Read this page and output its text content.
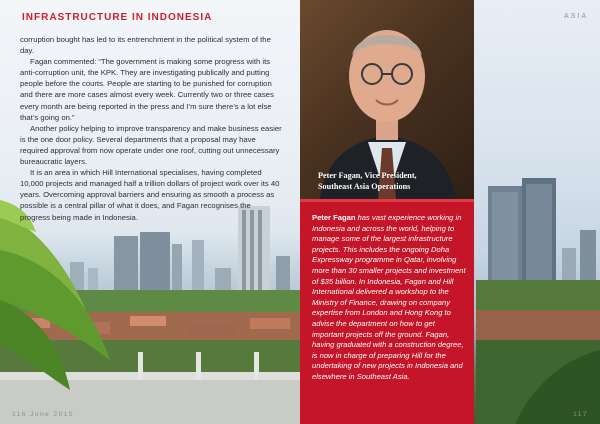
INFRASTRUCTURE IN INDONESIA

corruption bought has led to its entrenchment in the political system of the day.

Fagan commented: “The government is making some progress with its anti-corruption unit, the KPK. They are investigating publically and putting people before the courts. People are starting to be punished for corruption and there are more cases almost every week. Currently two or three cases every month are being reported in the press and I’m sure there’s a lot else that’s going on.”

Another policy helping to improve transparency and make business easier is the one door policy. Several departments that a proposal may have required approval from now operate under one roof, cutting out unnecessary bureaucratic layers.

It is an area in which Hill International specialises, having completed 10,000 projects and managed half a trillion dollars of project work over its 40 years. Overcoming approval barriers and ensuring as smooth a process as possible is a central pillar of what it does, and Fagan recognises the progress being made in Indonesia.

116 June 2015
ASIA
117
Peter Fagan, Vice President,
Southeast Asia Operations
Peter Fagan has vast experience working in Indonesia and across the world, helping to manage some of the largest infrastructure projects. This includes the ongoing Doha Expressway programme in Qatar, involving more than 30 smaller projects and investment of $35 billion. In Indonesia, Fagan and Hill International delivered a workshop to the Ministry of Finance, drawing on company expertise from London and Hong Kong to advise the department on how to get important projects off the ground. Fagan, having graduated with a construction degree, is now in charge of preparing Hill for the undertaking of new projects in Indonesia and elsewhere in Southeast Asia.
